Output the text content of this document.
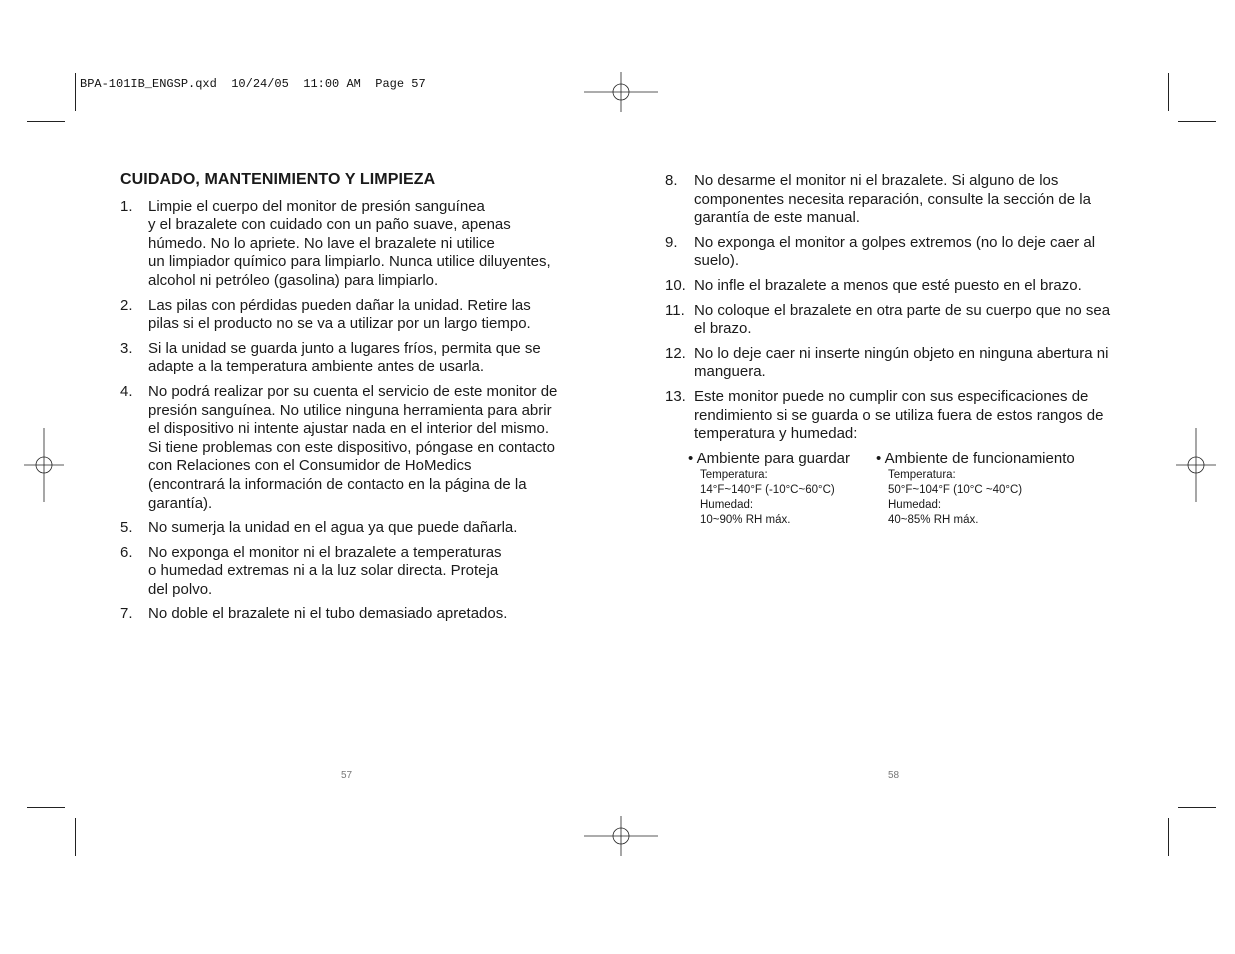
BPA-101IB_ENGSP.qxd  10/24/05  11:00 AM  Page 57
CUIDADO, MANTENIMIENTO Y LIMPIEZA
1. Limpie el cuerpo del monitor de presión sanguínea
y el brazalete con cuidado con un paño suave, apenas
húmedo. No lo apriete. No lave el brazalete ni utilice
un limpiador químico para limpiarlo. Nunca utilice diluyentes,
alcohol ni petróleo (gasolina) para limpiarlo.
2. Las pilas con pérdidas pueden dañar la unidad. Retire las
pilas si el producto no se va a utilizar por un largo tiempo.
3. Si la unidad se guarda junto a lugares fríos, permita que se
adapte a la temperatura ambiente antes de usarla.
4. No podrá realizar por su cuenta el servicio de este monitor de
presión sanguínea. No utilice ninguna herramienta para abrir
el dispositivo ni intente ajustar nada en el interior del mismo.
Si tiene problemas con este dispositivo, póngase en contacto
con Relaciones con el Consumidor de HoMedics
(encontrará la información de contacto en la página de la
garantía).
5. No sumerja la unidad en el agua ya que puede dañarla.
6. No exponga el monitor ni el brazalete a temperaturas
o humedad extremas ni a la luz solar directa. Proteja
del polvo.
7. No doble el brazalete ni el tubo demasiado apretados.
8. No desarme el monitor ni el brazalete. Si alguno de los
componentes necesita reparación, consulte la sección de la
garantía de este manual.
9. No exponga el monitor a golpes extremos (no lo deje caer al
suelo).
10. No infle el brazalete a menos que esté puesto en el brazo.
11. No coloque el brazalete en otra parte de su cuerpo que no sea
el brazo.
12. No lo deje caer ni inserte ningún objeto en ninguna abertura ni
manguera.
13. Este monitor puede no cumplir con sus especificaciones de
rendimiento si se guarda o se utiliza fuera de estos rangos de
temperatura y humedad:
• Ambiente para guardar
Temperatura:
14°F~140°F (-10°C~60°C)
Humedad:
10~90% RH máx.
• Ambiente de funcionamiento
Temperatura:
50°F~104°F (10°C ~40°C)
Humedad:
40~85% RH máx.
57	58
